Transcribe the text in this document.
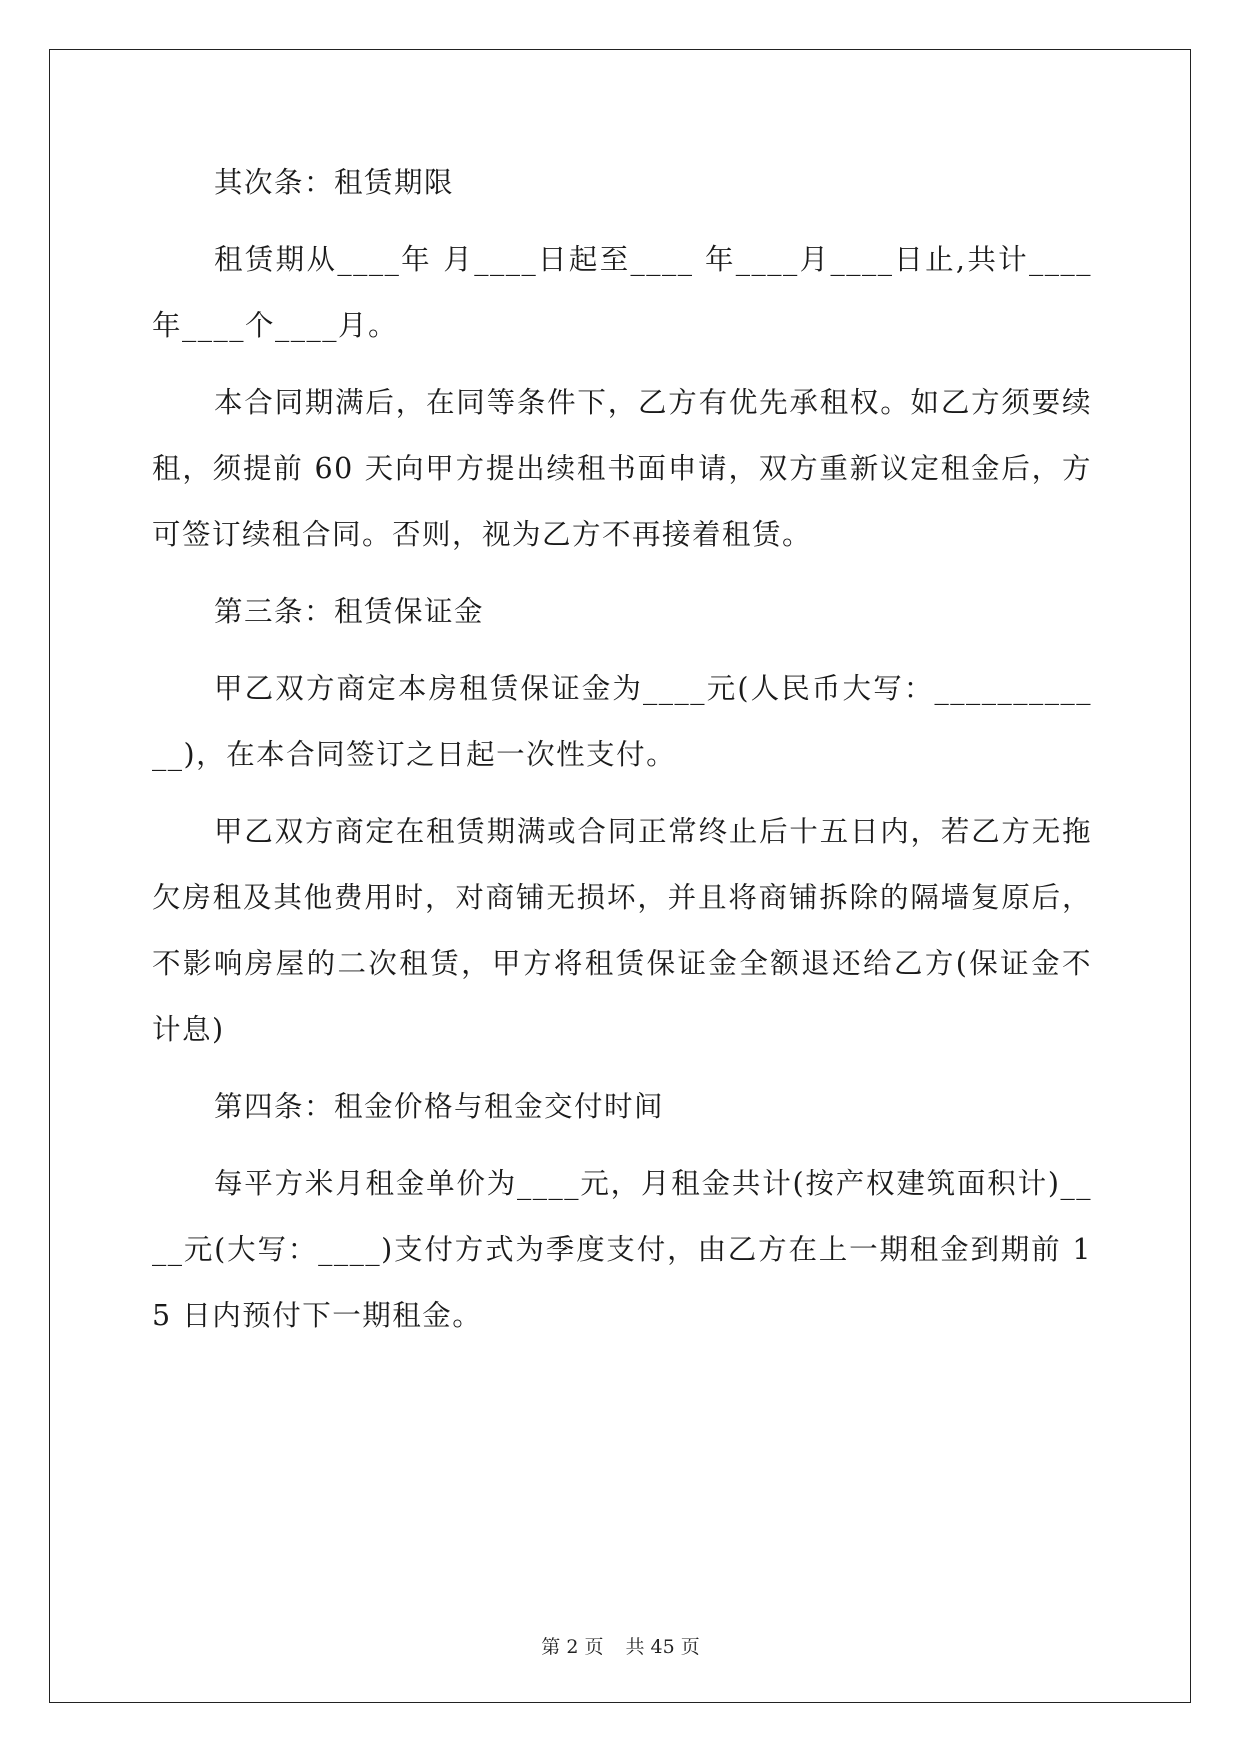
其次条：租赁期限

租赁期从____年 月____日起至____ 年____月____日止,共计____年____个____月。

本合同期满后，在同等条件下，乙方有优先承租权。如乙方须要续租，须提前 60 天向甲方提出续租书面申请，双方重新议定租金后，方可签订续租合同。否则，视为乙方不再接着租赁。

第三条：租赁保证金

甲乙双方商定本房租赁保证金为____元(人民币大写：____________)，在本合同签订之日起一次性支付。

甲乙双方商定在租赁期满或合同正常终止后十五日内，若乙方无拖欠房租及其他费用时，对商铺无损坏，并且将商铺拆除的隔墙复原后，不影响房屋的二次租赁，甲方将租赁保证金全额退还给乙方(保证金不计息)

第四条：租金价格与租金交付时间

每平方米月租金单价为____元，月租金共计(按产权建筑面积计)____元(大写：____)支付方式为季度支付，由乙方在上一期租金到期前 15 日内预付下一期租金。

第 2 页 共 45 页
